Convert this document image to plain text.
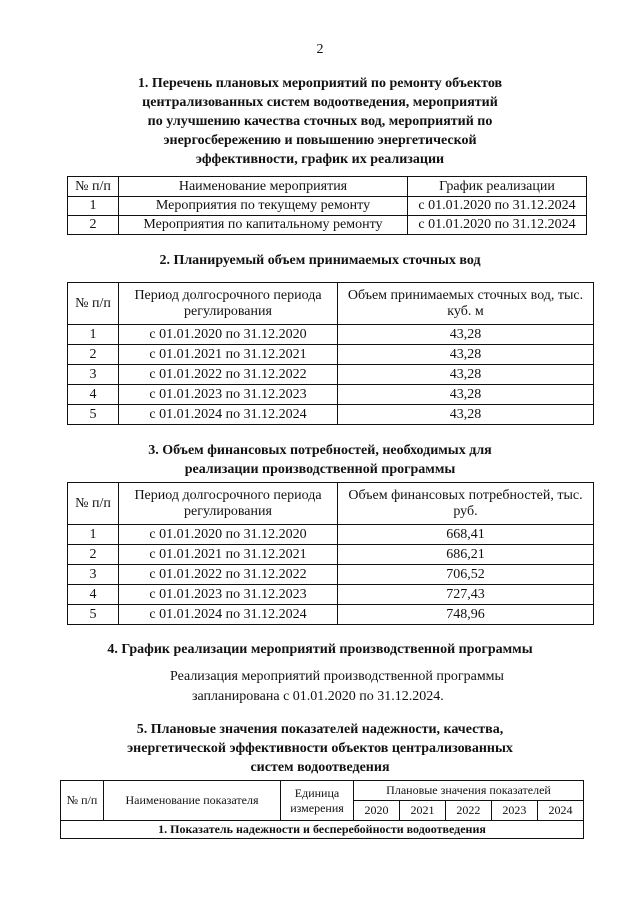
2
1. Перечень плановых мероприятий по ремонту объектов
централизованных систем водоотведения, мероприятий
по улучшению качества сточных вод, мероприятий по
энергосбережению и повышению энергетической
эффективности, график их реализации
№ п/п	Наименование мероприятия	График реализации
1	Мероприятия по текущему ремонту	с 01.01.2020 по 31.12.2024
2	Мероприятия по капитальному ремонту	с 01.01.2020 по 31.12.2024
2. Планируемый объем принимаемых сточных вод
№ п/п	Период долгосрочного периода регулирования	Объем принимаемых сточных вод, тыс. куб. м
1	с 01.01.2020 по 31.12.2020	43,28
2	с 01.01.2021 по 31.12.2021	43,28
3	с 01.01.2022 по 31.12.2022	43,28
4	с 01.01.2023 по 31.12.2023	43,28
5	с 01.01.2024 по 31.12.2024	43,28
3. Объем финансовых потребностей, необходимых для
реализации производственной программы
№ п/п	Период долгосрочного периода регулирования	Объем финансовых потребностей, тыс. руб.
1	с 01.01.2020 по 31.12.2020	668,41
2	с 01.01.2021 по 31.12.2021	686,21
3	с 01.01.2022 по 31.12.2022	706,52
4	с 01.01.2023 по 31.12.2023	727,43
5	с 01.01.2024 по 31.12.2024	748,96
4. График реализации мероприятий производственной программы
Реализация мероприятий производственной программы
запланирована с 01.01.2020 по 31.12.2024.
5. Плановые значения показателей надежности, качества,
энергетической эффективности объектов централизованных
систем водоотведения
№ п/п	Наименование показателя	Единица измерения	Плановые значения показателей				
			2020	2021	2022	2023	2024
1. Показатель надежности и бесперебойности водоотведения							
